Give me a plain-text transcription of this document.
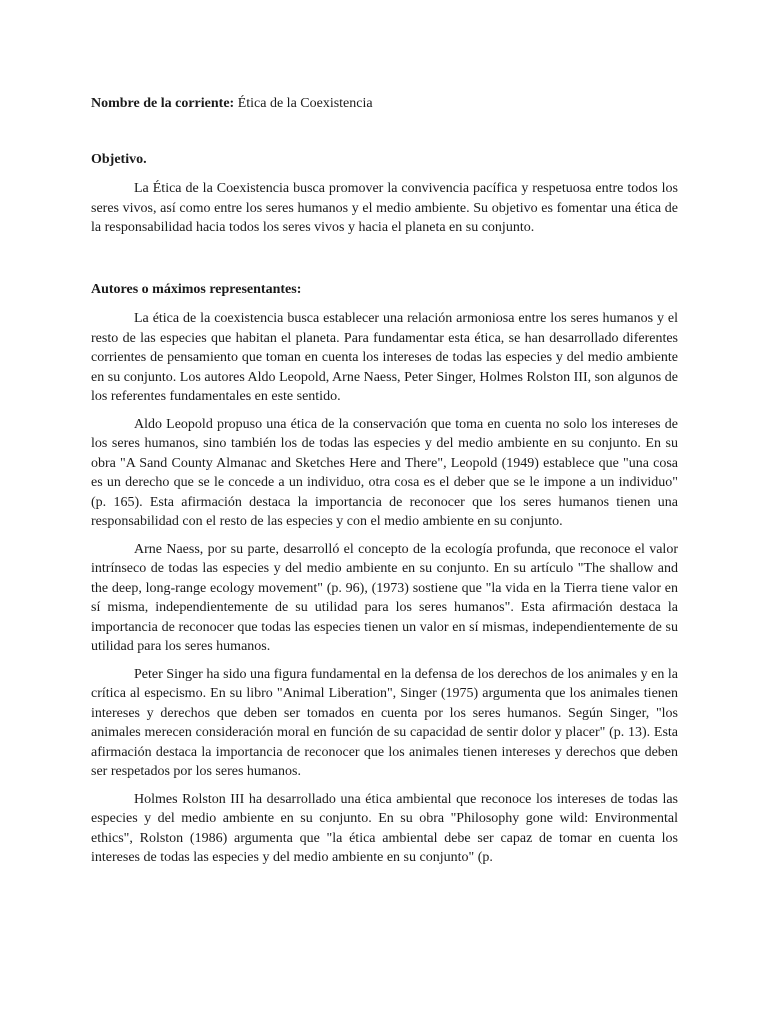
Nombre de la corriente: Ética de la Coexistencia

Objetivo.

La Ética de la Coexistencia busca promover la convivencia pacífica y respetuosa entre todos los seres vivos, así como entre los seres humanos y el medio ambiente. Su objetivo es fomentar una ética de la responsabilidad hacia todos los seres vivos y hacia el planeta en su conjunto.

Autores o máximos representantes:

La ética de la coexistencia busca establecer una relación armoniosa entre los seres humanos y el resto de las especies que habitan el planeta. Para fundamentar esta ética, se han desarrollado diferentes corrientes de pensamiento que toman en cuenta los intereses de todas las especies y del medio ambiente en su conjunto. Los autores Aldo Leopold, Arne Naess, Peter Singer, Holmes Rolston III, son algunos de los referentes fundamentales en este sentido.

Aldo Leopold propuso una ética de la conservación que toma en cuenta no solo los intereses de los seres humanos, sino también los de todas las especies y del medio ambiente en su conjunto. En su obra "A Sand County Almanac and Sketches Here and There", Leopold (1949) establece que "una cosa es un derecho que se le concede a un individuo, otra cosa es el deber que se le impone a un individuo" (p. 165). Esta afirmación destaca la importancia de reconocer que los seres humanos tienen una responsabilidad con el resto de las especies y con el medio ambiente en su conjunto.

Arne Naess, por su parte, desarrolló el concepto de la ecología profunda, que reconoce el valor intrínseco de todas las especies y del medio ambiente en su conjunto. En su artículo "The shallow and the deep, long-range ecology movement" (p. 96), (1973) sostiene que "la vida en la Tierra tiene valor en sí misma, independientemente de su utilidad para los seres humanos". Esta afirmación destaca la importancia de reconocer que todas las especies tienen un valor en sí mismas, independientemente de su utilidad para los seres humanos.

Peter Singer ha sido una figura fundamental en la defensa de los derechos de los animales y en la crítica al especismo. En su libro "Animal Liberation", Singer (1975) argumenta que los animales tienen intereses y derechos que deben ser tomados en cuenta por los seres humanos. Según Singer, "los animales merecen consideración moral en función de su capacidad de sentir dolor y placer" (p. 13). Esta afirmación destaca la importancia de reconocer que los animales tienen intereses y derechos que deben ser respetados por los seres humanos.

Holmes Rolston III ha desarrollado una ética ambiental que reconoce los intereses de todas las especies y del medio ambiente en su conjunto. En su obra "Philosophy gone wild: Environmental ethics", Rolston (1986) argumenta que "la ética ambiental debe ser capaz de tomar en cuenta los intereses de todas las especies y del medio ambiente en su conjunto" (p.
